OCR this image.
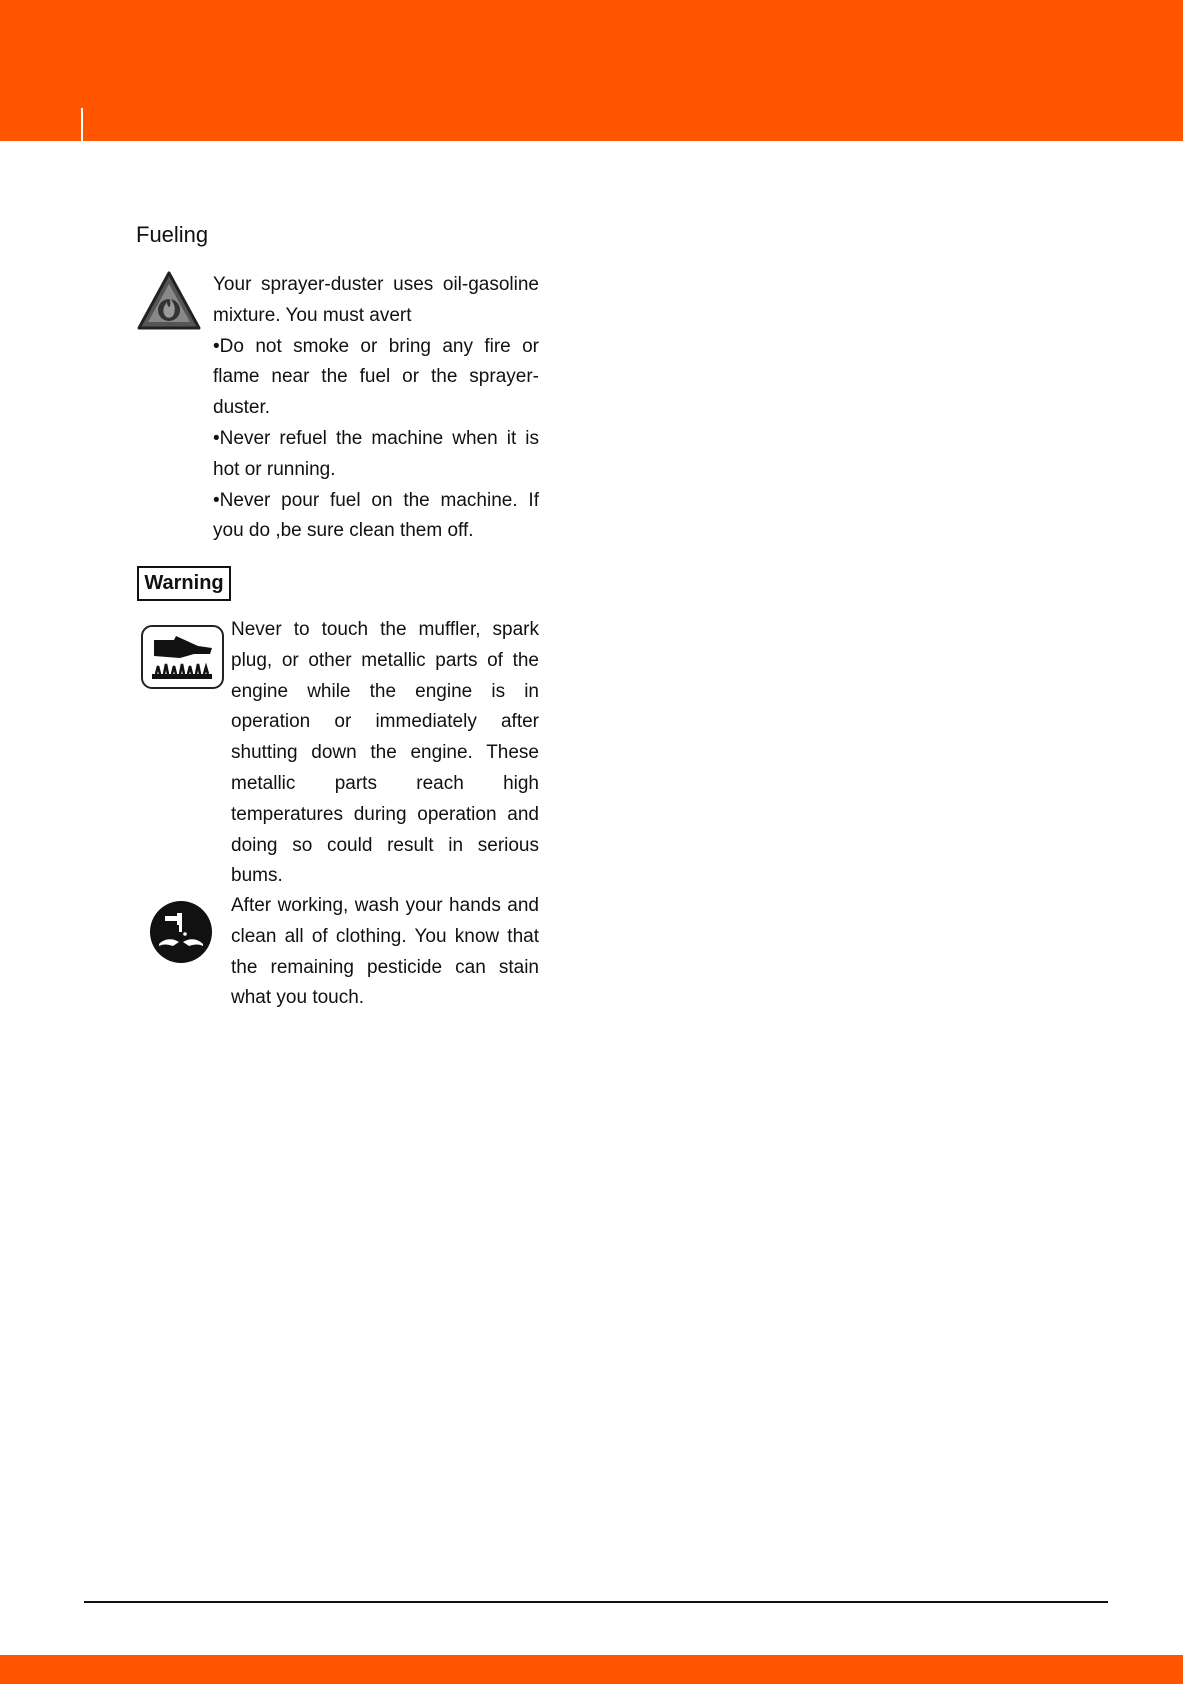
Fueling

Your sprayer-duster uses oil-gasoline mixture. You must avert

•Do not smoke or bring any fire or flame near the fuel or the sprayer-duster.

•Never refuel the machine when it is hot or running.

•Never pour fuel on the machine. If you do ,be sure clean them off.

Warning
Never to touch the muffler, spark plug, or other metallic parts of the engine while the engine is in operation or immediately after shutting down the engine. These metallic parts reach high temperatures during operation and doing so could result in serious bums.
After working, wash your hands and clean all of clothing. You know that the remaining pesticide can stain what you touch.
